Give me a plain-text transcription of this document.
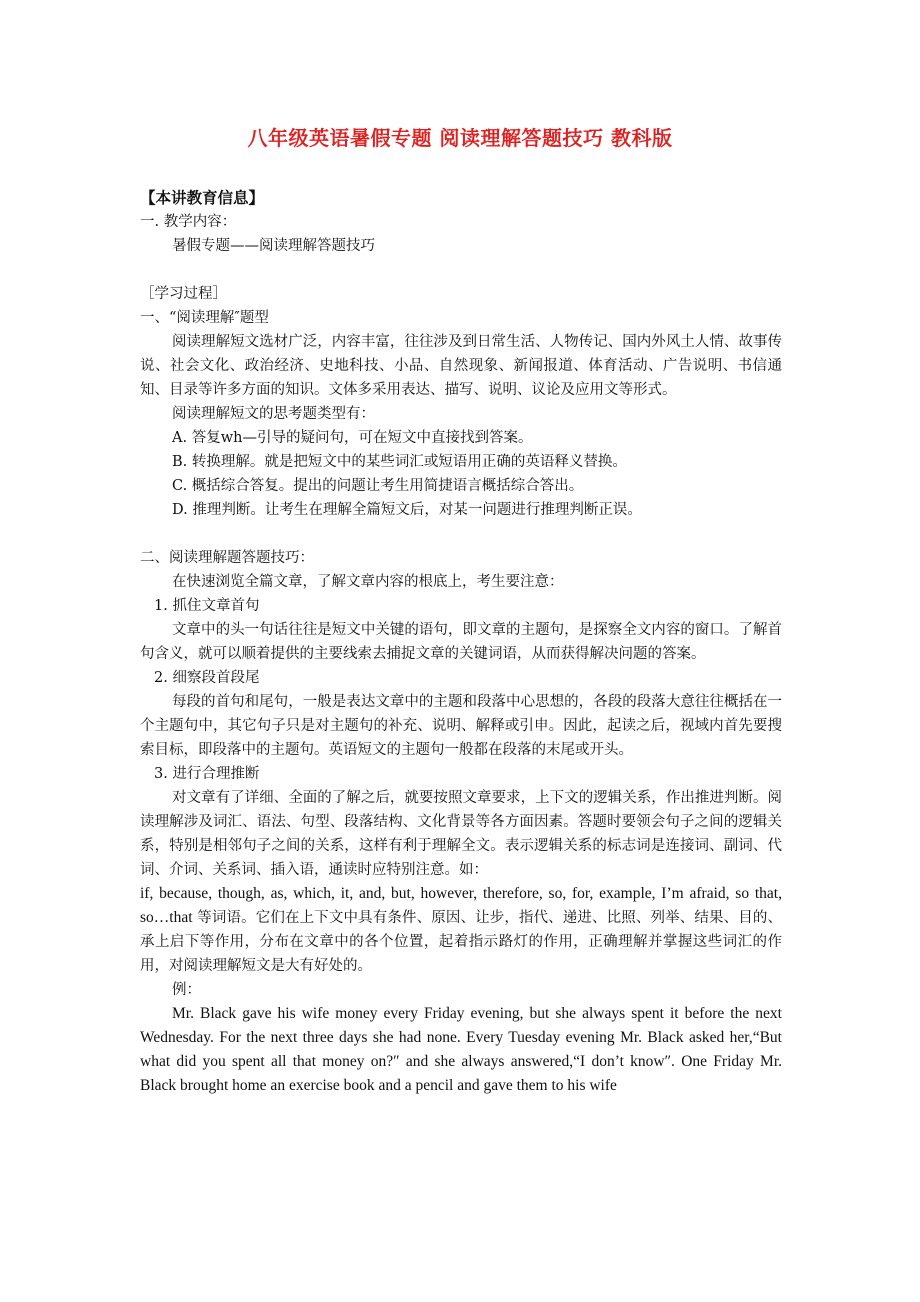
八年级英语暑假专题 阅读理解答题技巧 教科版
【本讲教育信息】
一. 教学内容：
暑假专题——阅读理解答题技巧
［学习过程］
一、“阅读理解″题型
阅读理解短文选材广泛，内容丰富，往往涉及到日常生活、人物传记、国内外风土人情、故事传说、社会文化、政治经济、史地科技、小品、自然现象、新闻报道、体育活动、广告说明、书信通知、目录等许多方面的知识。文体多采用表达、描写、说明、议论及应用文等形式。
阅读理解短文的思考题类型有：
A. 答复wh—引导的疑问句，可在短文中直接找到答案。
B. 转换理解。就是把短文中的某些词汇或短语用正确的英语释义替换。
C. 概括综合答复。提出的问题让考生用简捷语言概括综合答出。
D. 推理判断。让考生在理解全篇短文后，对某一问题进行推理判断正误。
二、阅读理解题答题技巧：
在快速浏览全篇文章，了解文章内容的根底上，考生要注意：
1. 抓住文章首句
文章中的头一句话往往是短文中关键的语句，即文章的主题句，是探察全文内容的窗口。了解首句含义，就可以顺着提供的主要线索去捕捉文章的关键词语，从而获得解决问题的答案。
2. 细察段首段尾
每段的首句和尾句，一般是表达文章中的主题和段落中心思想的，各段的段落大意往往概括在一个主题句中，其它句子只是对主题句的补充、说明、解释或引申。因此，起读之后，视域内首先要搜索目标，即段落中的主题句。英语短文的主题句一般都在段落的末尾或开头。
3. 进行合理推断
对文章有了详细、全面的了解之后，就要按照文章要求，上下文的逻辑关系，作出推进判断。阅读理解涉及词汇、语法、句型、段落结构、文化背景等各方面因素。答题时要领会句子之间的逻辑关系，特别是相邻句子之间的关系，这样有利于理解全文。表示逻辑关系的标志词是连接词、副词、代词、介词、关系词、插入语，通读时应特别注意。如：
if, because, though, as, which, it, and, but, however, therefore, so, for, example, I’m afraid, so that, so…that 等词语。它们在上下文中具有条件、原因、让步，指代、递进、比照、列举、结果、目的、承上启下等作用，分布在文章中的各个位置，起着指示路灯的作用，正确理解并掌握这些词汇的作用，对阅读理解短文是大有好处的。
例：
Mr. Black gave his wife money every Friday evening, but she always spent it before the next Wednesday. For the next three days she had none. Every Tuesday evening Mr. Black asked her,“But what did you spent all that money on?″ and she always answered,“I don’t know″. One Friday Mr. Black brought home an exercise book and a pencil and gave them to his wife
